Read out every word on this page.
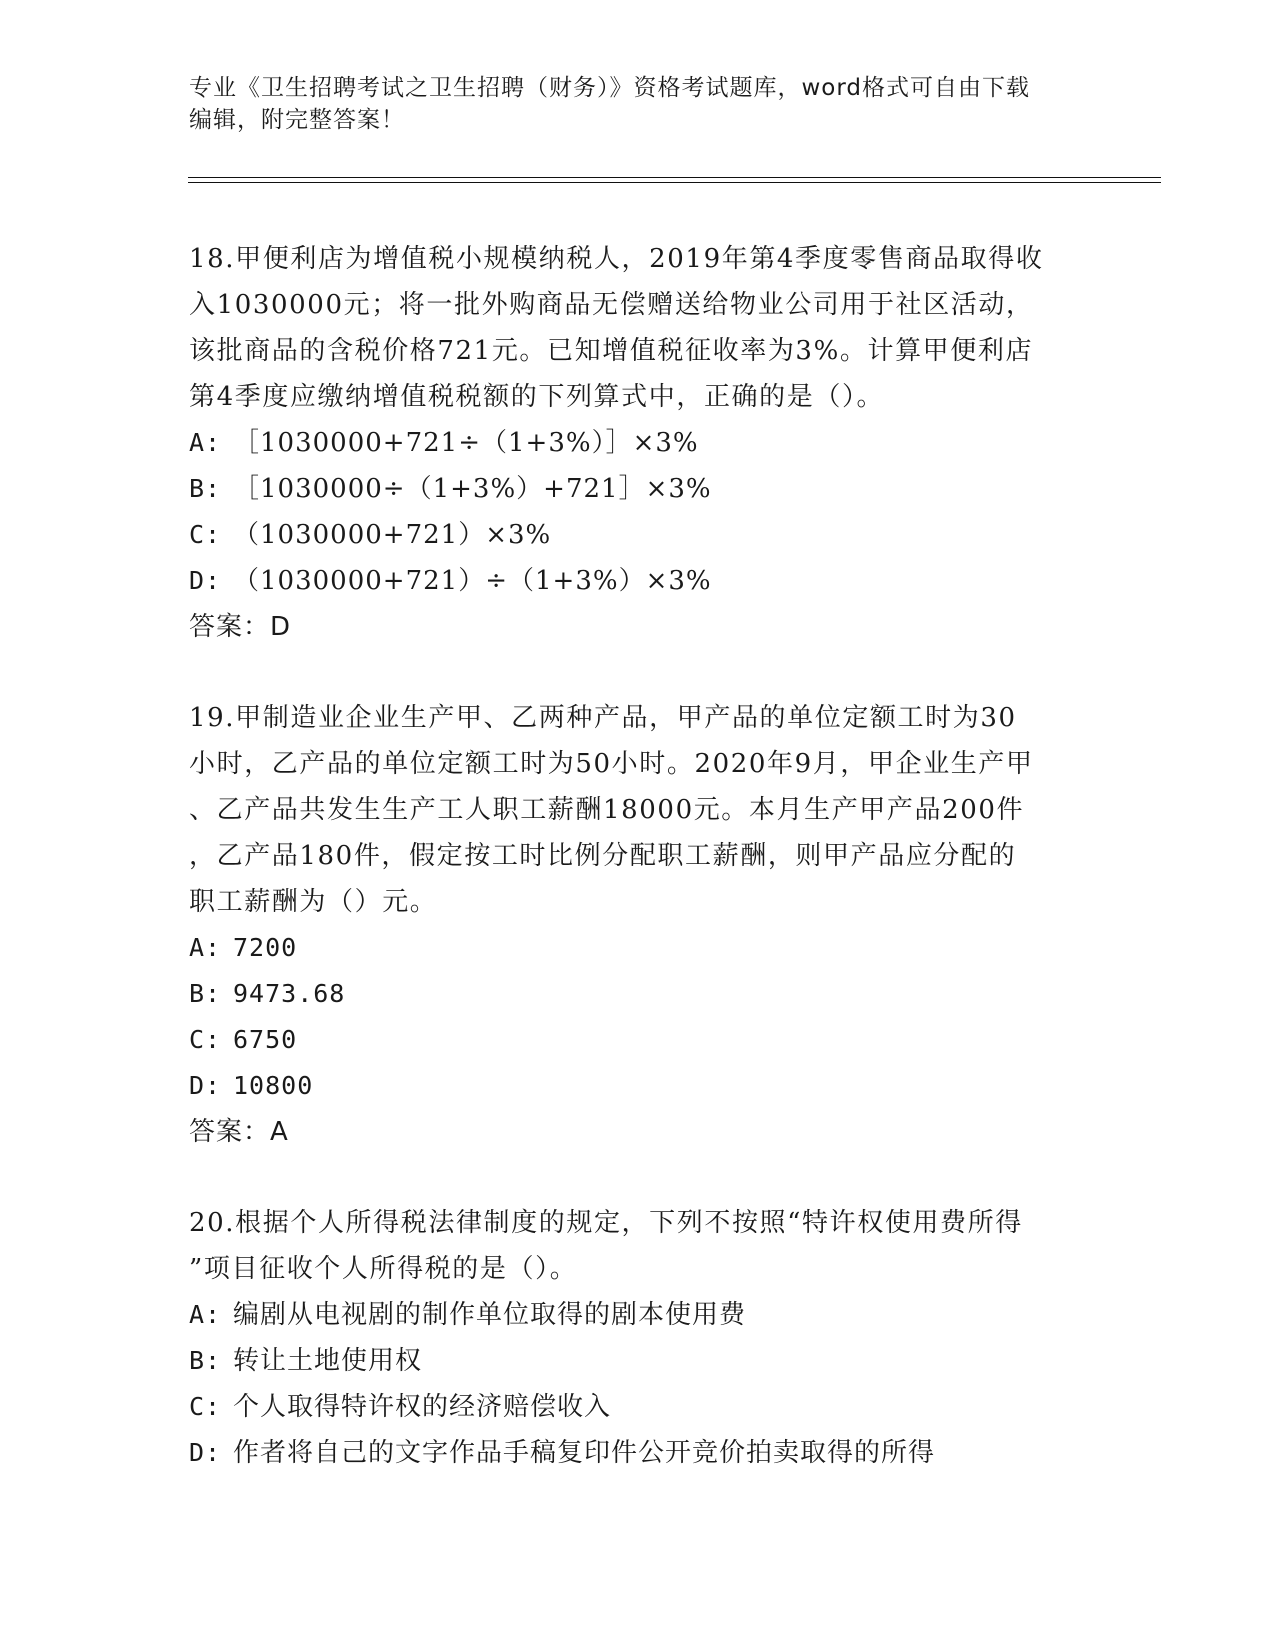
专业《卫生招聘考试之卫生招聘（财务）》资格考试题库，word格式可自由下载
编辑，附完整答案！
18.甲便利店为增值税小规模纳税人，2019年第4季度零售商品取得收
入1030000元；将一批外购商品无偿赠送给物业公司用于社区活动，
该批商品的含税价格721元。已知增值税征收率为3%。计算甲便利店
第4季度应缴纳增值税税额的下列算式中，正确的是（）。
A: ［1030000+721÷（1+3%）］×3%
B: ［1030000÷（1+3%）+721］×3%
C: （1030000+721）×3%
D: （1030000+721）÷（1+3%）×3%
答案：D
19.甲制造业企业生产甲、乙两种产品，甲产品的单位定额工时为30
小时，乙产品的单位定额工时为50小时。2020年9月，甲企业生产甲
、乙产品共发生生产工人职工薪酬18000元。本月生产甲产品200件
，乙产品180件，假定按工时比例分配职工薪酬，则甲产品应分配的
职工薪酬为（）元。
A: 7200
B: 9473.68
C: 6750
D: 10800
答案：A
20.根据个人所得税法律制度的规定，下列不按照“特许权使用费所得
”项目征收个人所得税的是（）。
A: 编剧从电视剧的制作单位取得的剧本使用费
B: 转让土地使用权
C: 个人取得特许权的经济赔偿收入
D: 作者将自己的文字作品手稿复印件公开竞价拍卖取得的所得
